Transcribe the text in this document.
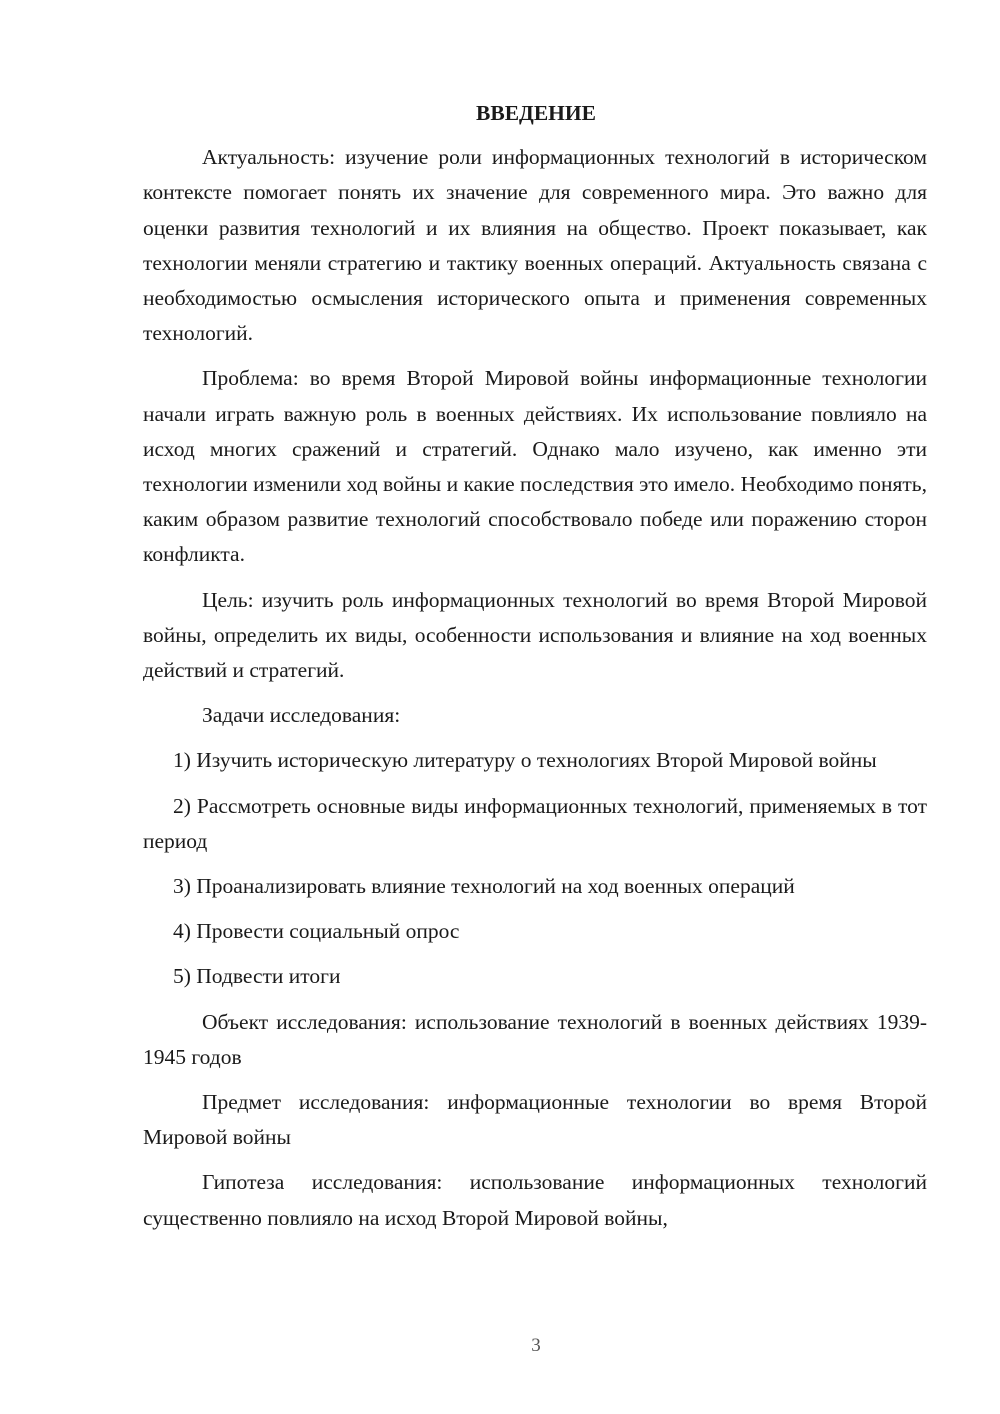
ВВЕДЕНИЕ

Актуальность: изучение роли информационных технологий в историческом контексте помогает понять их значение для современного мира. Это важно для оценки развития технологий и их влияния на общество. Проект показывает, как технологии меняли стратегию и тактику военных операций. Актуальность связана с необходимостью осмысления исторического опыта и применения современных технологий.

Проблема: во время Второй Мировой войны информационные технологии начали играть важную роль в военных действиях. Их использование повлияло на исход многих сражений и стратегий. Однако мало изучено, как именно эти технологии изменили ход войны и какие последствия это имело. Необходимо понять, каким образом развитие технологий способствовало победе или поражению сторон конфликта.

Цель: изучить роль информационных технологий во время Второй Мировой войны, определить их виды, особенности использования и влияние на ход военных действий и стратегий.

Задачи исследования:

1) Изучить историческую литературу о технологиях Второй Мировой войны

2) Рассмотреть основные виды информационных технологий, применяемых в тот период

3) Проанализировать влияние технологий на ход военных операций

4) Провести социальный опрос

5) Подвести итоги

Объект исследования: использование технологий в военных действиях 1939-1945 годов

Предмет исследования: информационные технологии во время Второй Мировой войны

Гипотеза исследования: использование информационных технологий существенно повлияло на исход Второй Мировой войны,

3
